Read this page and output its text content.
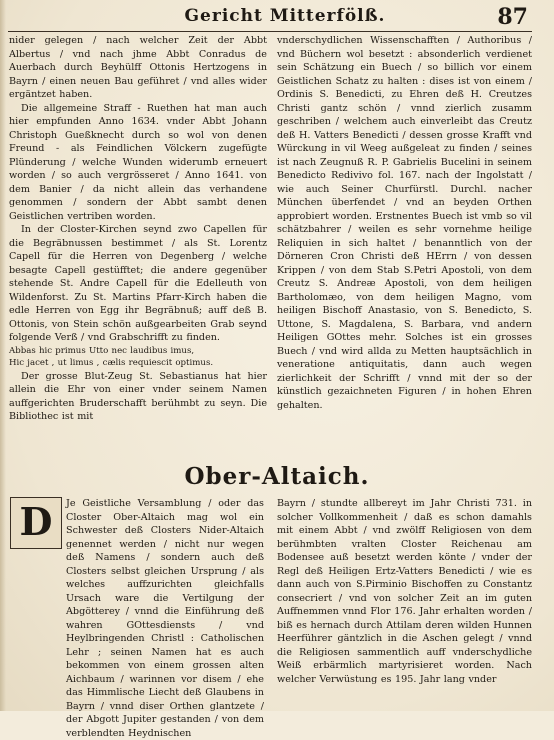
Gericht Mitterfölß.	87

nider gelegen / nach welcher Zeit der Abbt Albertus / vnd nach jhme Abbt Conradus de Auerbach durch Beyhülff Ottonis Hertzogens in Bayrn / einen neuen Bau geführet / vnd alles wider ergäntzet haben.

Die allgemeine Straff - Ruethen hat man auch hier empfunden Anno 1634. vnder Abbt Johann Christoph Gueßknecht durch so wol von denen Freund - als Feindlichen Völckern zugefügte Plünderung / welche Wunden widerumb erneuert worden / so auch vergrösseret / Anno 1641. von dem Banier / da nicht allein das verhandene genommen / sondern der Abbt sambt denen Geistlichen vertriben worden.

In der Closter-Kirchen seynd zwo Capellen für die Begräbnussen bestimmet / als St. Lorentz Capell für die Herren von Degenberg / welche besagte Capell gestüfftet; die andere gegenüber stehende St. Andre Capell für die Edelleuth von Wildenforst. Zu St. Martins Pfarr-Kirch haben die edle Herren von Egg ihr Begräbnuß; auff deß B. Ottonis, von Stein schön außgearbeiten Grab seynd folgende Verß / vnd Grabschrifft zu finden.

Abbas hic primus Utto nec laudibus imus,

Hic jacet , ut limus , cælis requiescit optimus.

Der grosse Blut-Zeug St. Sebastianus hat hier allein die Ehr von einer vnder seinem Namen auffgerichten Bruderschafft berühmbt zu seyn. Die Bibliothec ist mit

vnderschydlichen Wissenschafften / Authoribus / vnd Büchern wol besetzt : absonderlich verdienet sein Schätzung ein Buech / so billich vor einem Geistlichen Schatz zu halten : dises ist von einem / Ordinis S. Benedicti, zu Ehren deß H. Creutzes Christi gantz schön / vnnd zierlich zusamm geschriben / welchem auch einverleibt das Creutz deß H. Vatters Benedicti / dessen grosse Krafft vnd Würckung in vil Weeg außgeleat zu finden / seines ist nach Zeugnuß R. P. Gabrielis Bucelini in seinem Benedicto Redivivo fol. 167. nach der Ingolstatt / wie auch Seiner Churfürstl. Durchl. nacher München überfendet / vnd an beyden Orthen approbiert worden. Erstnentes Buech ist vmb so vil schätzbahrer / weilen es sehr vornehme heilige Reliquien in sich haltet / benanntlich von der Dörneren Cron Christi deß HErrn / von dessen Krippen / von dem Stab S.Petri Apostoli, von dem Creutz S. Andreæ Apostoli, von dem heiligen Bartholomæo, von dem heiligen Magno, vom heiligen Bischoff Anastasio, von S. Benedicto, S. Uttone, S. Magdalena, S. Barbara, vnd andern Heiligen GOttes mehr. Solches ist ein grosses Buech / vnd wird allda zu Metten hauptsächlich in veneratione antiquitatis, dann auch wegen zierlichkeit der Schrifft / vnnd mit der so der künstlich gezaichneten Figuren / in hohen Ehren gehalten.

Ober-Altaich.
D	Je Geistliche Versamblung / oder das Closter Ober-Altaich mag wol ein Schwester deß Closters Nider-Altaich genennet werden / nicht nur wegen deß Namens / sondern auch deß Closters selbst gleichen Ursprung / als welches auffzurichten gleichfalls Ursach ware die Vertilgung der Abgötterey / vnnd die Einführung deß wahren GOttesdiensts / vnd Heylbringenden Christl : Catholischen Lehr ; seinen Namen hat es auch bekommen von einem grossen alten Aichbaum / warinnen vor disem / ehe das Himmlische Liecht deß Glaubens in Bayrn / vnnd diser Orthen glantzete / der Abgott Jupiter gestanden / von dem verblendten Heydnischen

Bayrn / stundte allbereyt im Jahr Christi 731. in solcher Vollkommenheit / daß es schon damahls mit einem Abbt / vnd zwölff Religiosen von dem berühmbten vralten Closter Reichenau am Bodensee auß besetzt werden könte / vnder der Regl deß Heiligen Ertz-Vatters Benedicti / wie es dann auch von S.Pirminio Bischoffen zu Constantz consecriert / vnd von solcher Zeit an im guten Auffnemmen vnnd Flor 176. Jahr erhalten worden / biß es hernach durch Attilam deren wilden Hunnen Heerführer gäntzlich in die Aschen gelegt / vnnd die Religiosen sammentlich auff vnderschydliche Weiß erbärmlich martyrisieret worden. Nach welcher Verwüstung es 195. Jahr lang vnder
